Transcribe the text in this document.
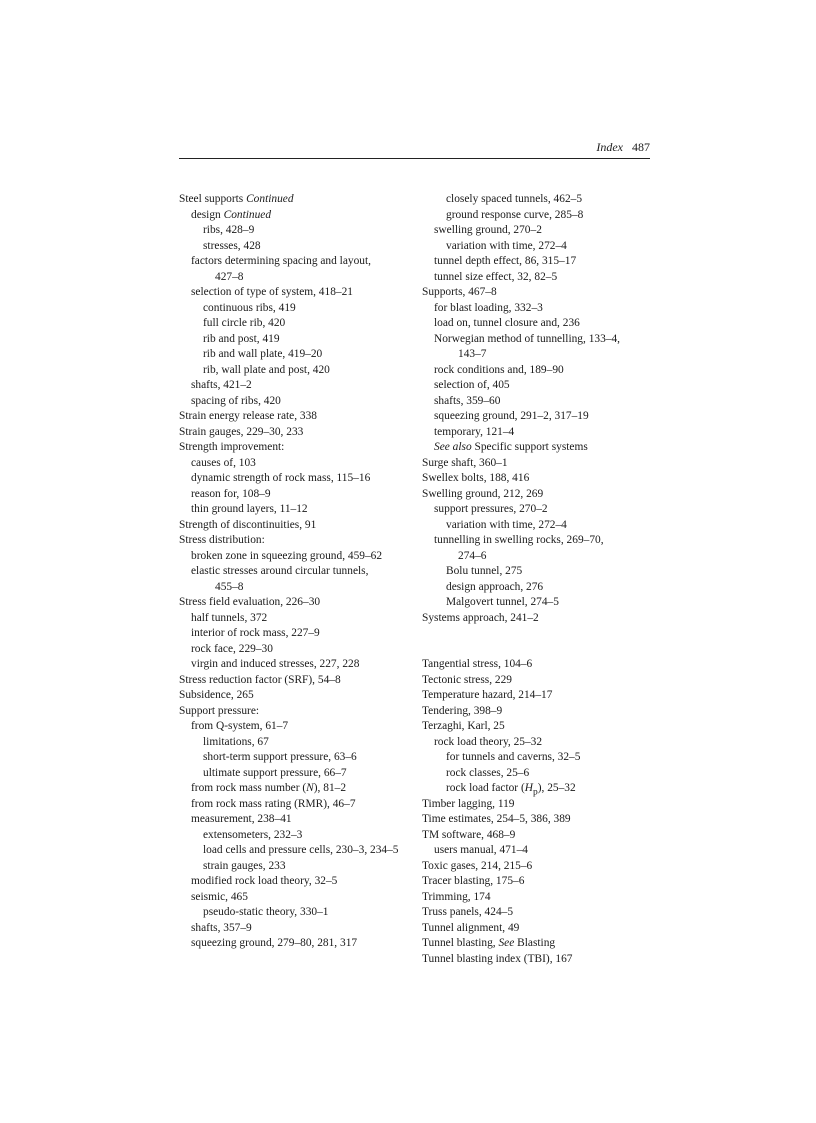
Index 487
Steel supports Continued
design Continued
ribs, 428–9
stresses, 428
factors determining spacing and layout,
427–8
selection of type of system, 418–21
continuous ribs, 419
full circle rib, 420
rib and post, 419
rib and wall plate, 419–20
rib, wall plate and post, 420
shafts, 421–2
spacing of ribs, 420
Strain energy release rate, 338
Strain gauges, 229–30, 233
Strength improvement:
causes of, 103
dynamic strength of rock mass, 115–16
reason for, 108–9
thin ground layers, 11–12
Strength of discontinuities, 91
Stress distribution:
broken zone in squeezing ground, 459–62
elastic stresses around circular tunnels,
455–8
Stress field evaluation, 226–30
half tunnels, 372
interior of rock mass, 227–9
rock face, 229–30
virgin and induced stresses, 227, 228
Stress reduction factor (SRF), 54–8
Subsidence, 265
Support pressure:
from Q-system, 61–7
limitations, 67
short-term support pressure, 63–6
ultimate support pressure, 66–7
from rock mass number (N), 81–2
from rock mass rating (RMR), 46–7
measurement, 238–41
extensometers, 232–3
load cells and pressure cells, 230–3, 234–5
strain gauges, 233
modified rock load theory, 32–5
seismic, 465
pseudo-static theory, 330–1
shafts, 357–9
squeezing ground, 279–80, 281, 317
closely spaced tunnels, 462–5
ground response curve, 285–8
swelling ground, 270–2
variation with time, 272–4
tunnel depth effect, 86, 315–17
tunnel size effect, 32, 82–5
Supports, 467–8
for blast loading, 332–3
load on, tunnel closure and, 236
Norwegian method of tunnelling, 133–4,
143–7
rock conditions and, 189–90
selection of, 405
shafts, 359–60
squeezing ground, 291–2, 317–19
temporary, 121–4
See also Specific support systems
Surge shaft, 360–1
Swellex bolts, 188, 416
Swelling ground, 212, 269
support pressures, 270–2
variation with time, 272–4
tunnelling in swelling rocks, 269–70,
274–6
Bolu tunnel, 275
design approach, 276
Malgovert tunnel, 274–5
Systems approach, 241–2
Tangential stress, 104–6
Tectonic stress, 229
Temperature hazard, 214–17
Tendering, 398–9
Terzaghi, Karl, 25
rock load theory, 25–32
for tunnels and caverns, 32–5
rock classes, 25–6
rock load factor $(H_p)$, 25–32
Timber lagging, 119
Time estimates, 254–5, 386, 389
TM software, 468–9
users manual, 471–4
Toxic gases, 214, 215–6
Tracer blasting, 175–6
Trimming, 174
Truss panels, 424–5
Tunnel alignment, 49
Tunnel blasting, See Blasting
Tunnel blasting index (TBI), 167
